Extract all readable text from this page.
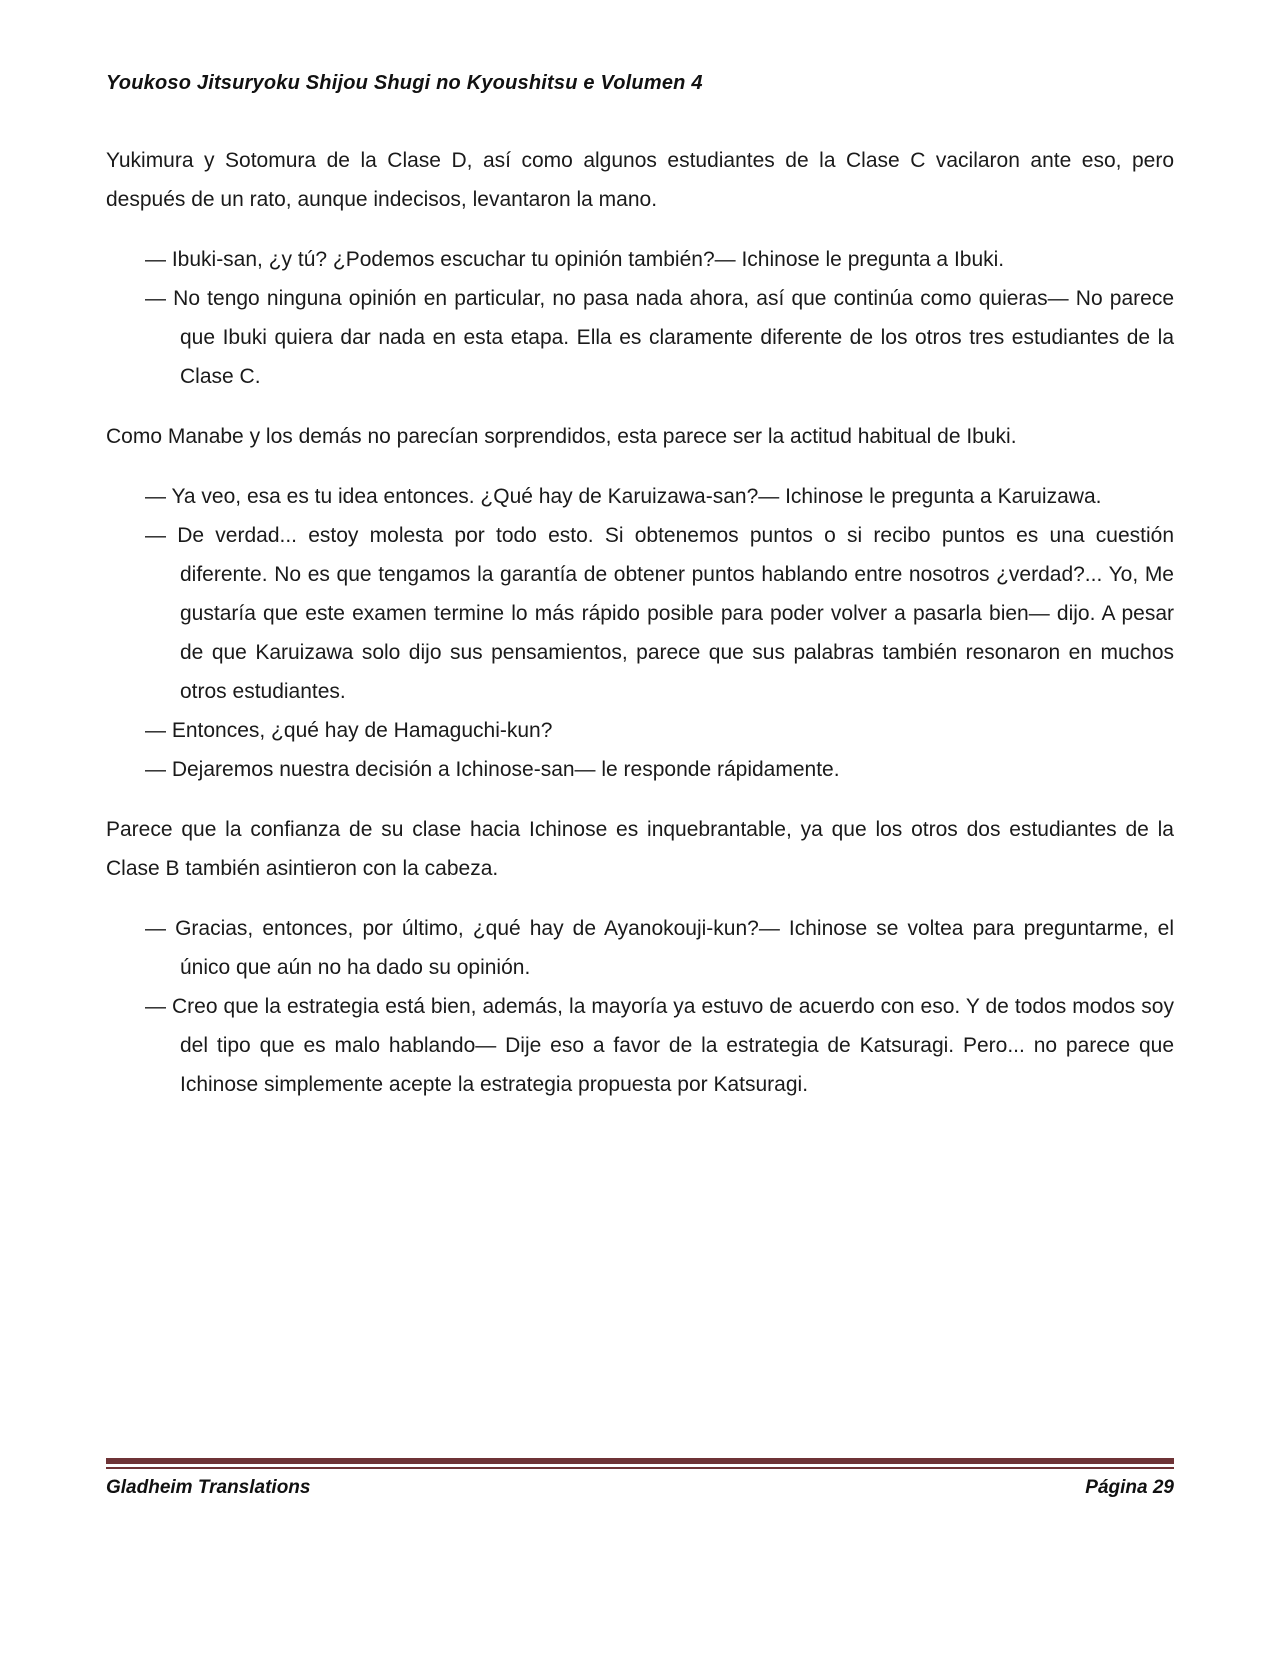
Youkoso Jitsuryoku Shijou Shugi no Kyoushitsu e Volumen 4

Yukimura y Sotomura de la Clase D, así como algunos estudiantes de la Clase C vacilaron ante eso, pero después de un rato, aunque indecisos, levantaron la mano.

— Ibuki-san, ¿y tú? ¿Podemos escuchar tu opinión también?— Ichinose le pregunta a Ibuki.
— No tengo ninguna opinión en particular, no pasa nada ahora, así que continúa como quieras— No parece que Ibuki quiera dar nada en esta etapa. Ella es claramente diferente de los otros tres estudiantes de la Clase C.

Como Manabe y los demás no parecían sorprendidos, esta parece ser la actitud habitual de Ibuki.

— Ya veo, esa es tu idea entonces. ¿Qué hay de Karuizawa-san?— Ichinose le pregunta a Karuizawa.
— De verdad... estoy molesta por todo esto. Si obtenemos puntos o si recibo puntos es una cuestión diferente. No es que tengamos la garantía de obtener puntos hablando entre nosotros ¿verdad?... Yo, Me gustaría que este examen termine lo más rápido posible para poder volver a pasarla bien— dijo. A pesar de que Karuizawa solo dijo sus pensamientos, parece que sus palabras también resonaron en muchos otros estudiantes.
— Entonces, ¿qué hay de Hamaguchi-kun?
— Dejaremos nuestra decisión a Ichinose-san— le responde rápidamente.

Parece que la confianza de su clase hacia Ichinose es inquebrantable, ya que los otros dos estudiantes de la Clase B también asintieron con la cabeza.

— Gracias, entonces, por último, ¿qué hay de Ayanokouji-kun?— Ichinose se voltea para preguntarme, el único que aún no ha dado su opinión.
— Creo que la estrategia está bien, además, la mayoría ya estuvo de acuerdo con eso. Y de todos modos soy del tipo que es malo hablando— Dije eso a favor de la estrategia de Katsuragi. Pero... no parece que Ichinose simplemente acepte la estrategia propuesta por Katsuragi.
Gladheim Translations	Página 29
